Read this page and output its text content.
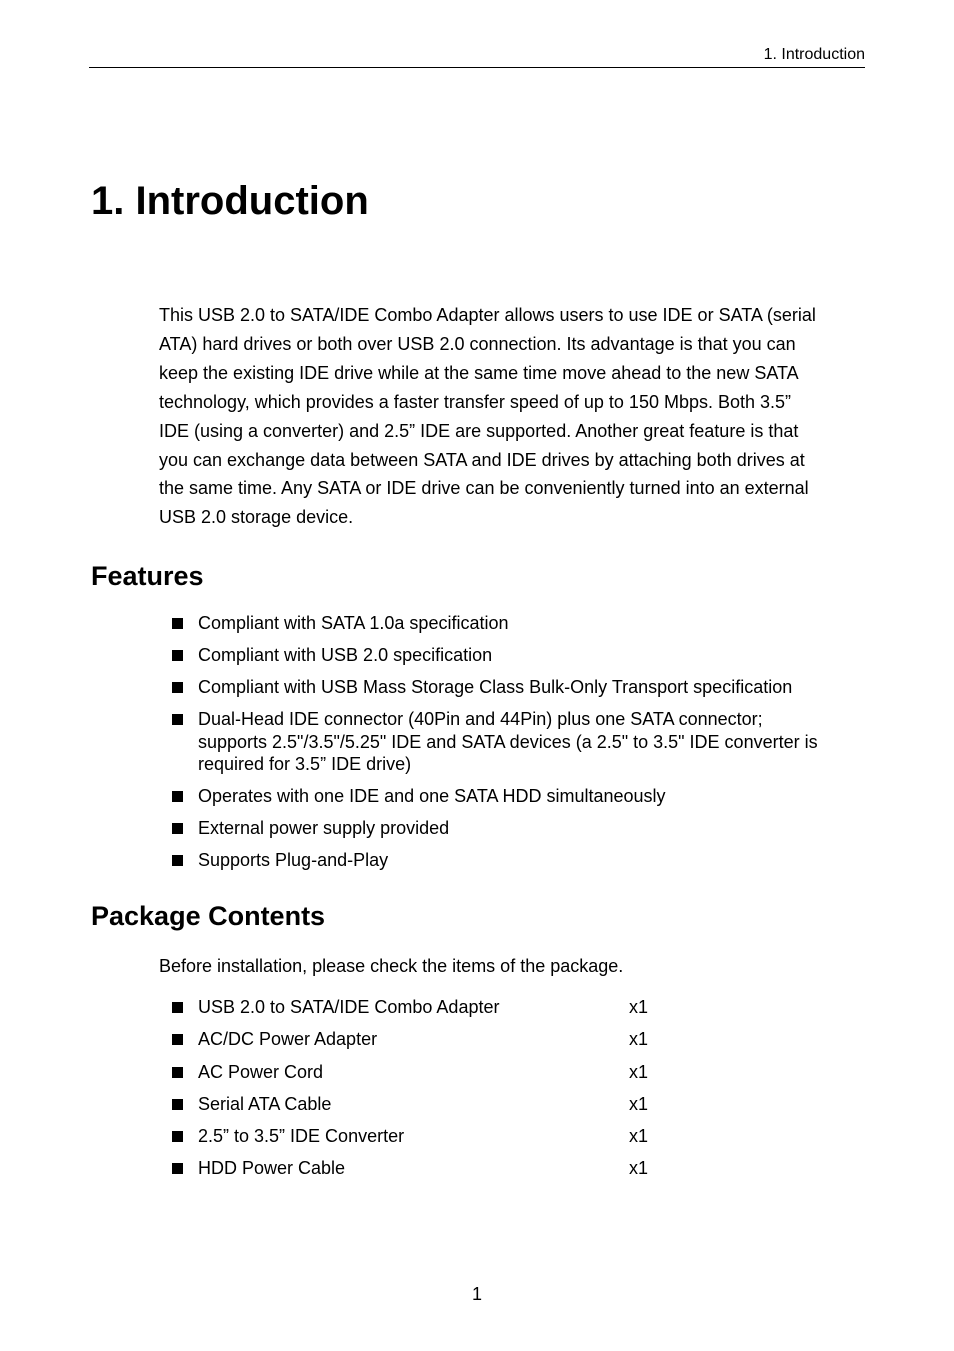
1. Introduction
1. Introduction

This USB 2.0 to SATA/IDE Combo Adapter allows users to use IDE or SATA (serial
ATA) hard drives or both over USB 2.0 connection. Its advantage is that you can
keep the existing IDE drive while at the same time move ahead to the new SATA
technology, which provides a faster transfer speed of up to 150 Mbps. Both 3.5”
IDE (using a converter) and 2.5” IDE are supported. Another great feature is that
you can exchange data between SATA and IDE drives by attaching both drives at
the same time. Any SATA or IDE drive can be conveniently turned into an external
USB 2.0 storage device.

Features
Compliant with SATA 1.0a specification
Compliant with USB 2.0 specification
Compliant with USB Mass Storage Class Bulk-Only Transport specification
Dual-Head IDE connector (40Pin and 44Pin) plus one SATA connector;
supports 2.5"/3.5"/5.25" IDE and SATA devices (a 2.5" to 3.5" IDE converter is
required for 3.5” IDE drive)
Operates with one IDE and one SATA HDD simultaneously
External power supply provided
Supports Plug-and-Play
Package Contents

Before installation, please check the items of the package.

USB 2.0 to SATA/IDE Combo Adapter	x1
AC/DC Power Adapter	x1
AC Power Cord	x1
Serial ATA Cable	x1
2.5” to 3.5” IDE Converter	x1
HDD Power Cable	x1
1
